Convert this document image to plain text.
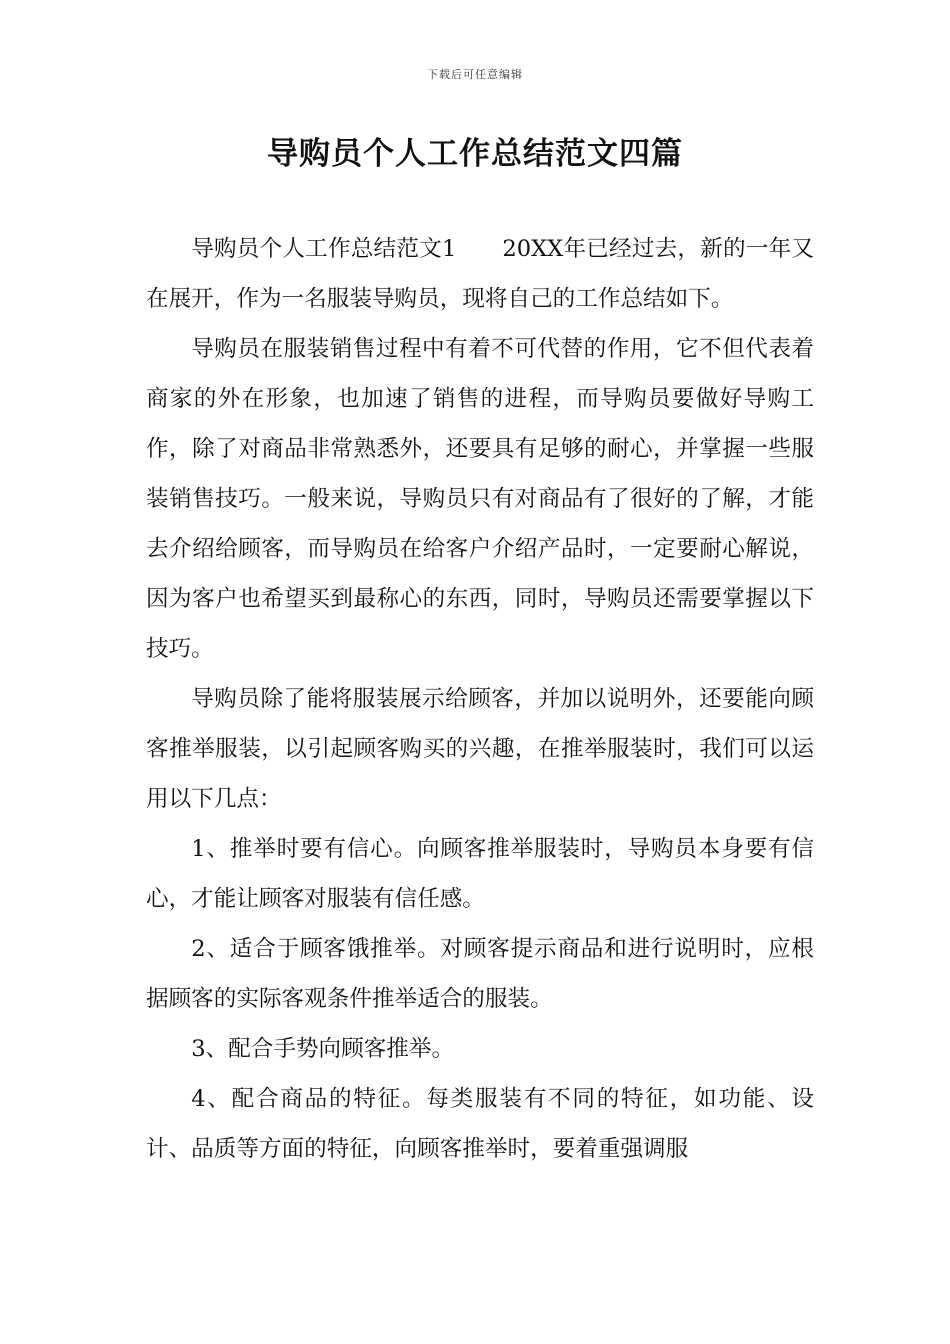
下载后可任意编辑
导购员个人工作总结范文四篇

导购员个人工作总结范文1 20XX年已经过去，新的一年又在展开，作为一名服装导购员，现将自己的工作总结如下。

导购员在服装销售过程中有着不可代替的作用，它不但代表着商家的外在形象，也加速了销售的进程，而导购员要做好导购工作，除了对商品非常熟悉外，还要具有足够的耐心，并掌握一些服装销售技巧。一般来说，导购员只有对商品有了很好的了解，才能去介绍给顾客，而导购员在给客户介绍产品时，一定要耐心解说，因为客户也希望买到最称心的东西，同时，导购员还需要掌握以下技巧。

导购员除了能将服装展示给顾客，并加以说明外，还要能向顾客推举服装，以引起顾客购买的兴趣，在推举服装时，我们可以运用以下几点：

1、推举时要有信心。向顾客推举服装时，导购员本身要有信心，才能让顾客对服装有信任感。

2、适合于顾客饿推举。对顾客提示商品和进行说明时，应根据顾客的实际客观条件推举适合的服装。

3、配合手势向顾客推举。

4、配合商品的特征。每类服装有不同的特征，如功能、设计、品质等方面的特征，向顾客推举时，要着重强调服
